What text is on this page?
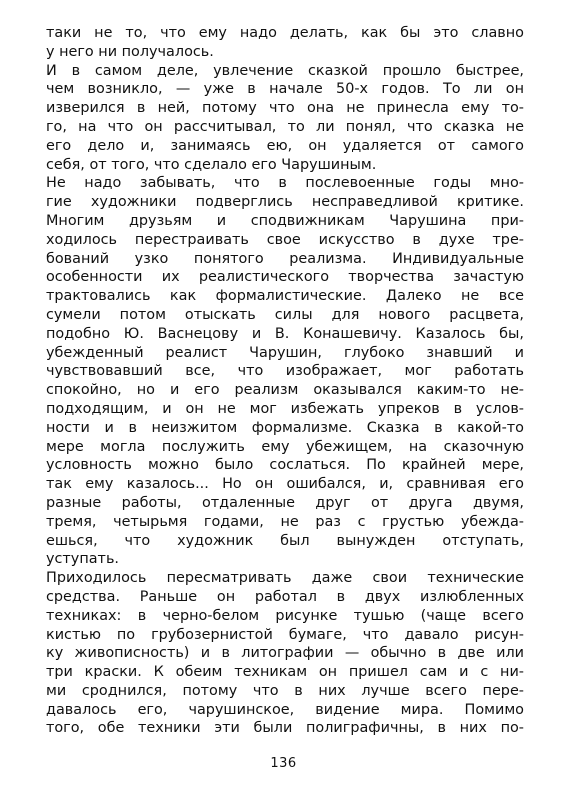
таки не то, что ему надо делать, как бы это славно
у него ни получалось.
И в самом деле, увлечение сказкой прошло быстрее,
чем возникло, — уже в начале 50-х годов. То ли он
изверился в ней, потому что она не принесла ему то-
го, на что он рассчитывал, то ли понял, что сказка не
его дело и, занимаясь ею, он удаляется от самого
себя, от того, что сделало его Чарушиным.
Не надо забывать, что в послевоенные годы мно-
гие художники подверглись несправедливой критике.
Многим друзьям и сподвижникам Чарушина при-
ходилось перестраивать свое искусство в духе тре-
бований узко понятого реализма. Индивидуальные
особенности их реалистического творчества зачастую
трактовались как формалистические. Далеко не все
сумели потом отыскать силы для нового расцвета,
подобно Ю. Васнецову и В. Конашевичу. Казалось бы,
убежденный реалист Чарушин, глубоко знавший и
чувствовавший все, что изображает, мог работать
спокойно, но и его реализм оказывался каким-то не-
подходящим, и он не мог избежать упреков в услов-
ности и в неизжитом формализме. Сказка в какой-то
мере могла послужить ему убежищем, на сказочную
условность можно было сослаться. По крайней мере,
так ему казалось... Но он ошибался, и, сравнивая его
разные работы, отдаленные друг от друга двумя,
тремя, четырьмя годами, не раз с грустью убежда-
ешься, что художник был вынужден отступать,
уступать.
Приходилось пересматривать даже свои технические
средства. Раньше он работал в двух излюбленных
техниках: в черно-белом рисунке тушью (чаще всего
кистью по грубозернистой бумаге, что давало рисун-
ку живописность) и в литографии — обычно в две или
три краски. К обеим техникам он пришел сам и с ни-
ми сроднился, потому что в них лучше всего пере-
давалось его, чарушинское, видение мира. Помимо
того, обе техники эти были полиграфичны, в них по-
136
